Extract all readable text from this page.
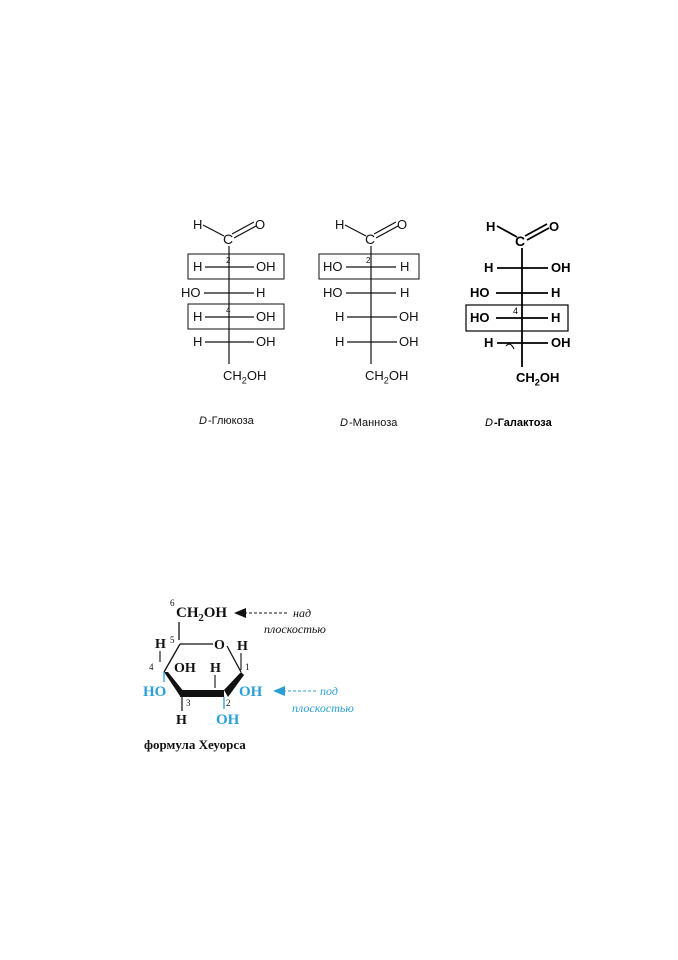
H
C
O
2
H	OH
HO	H
4
H	OH
H	OH
$CH_2OH$
D -Глюкоза
H
C
O
2
HO	H
HO	H
H	OH
H	OH
$CH_2OH$
D -Манноза
H
C
O
H	OH
HO	H
4
HO	H
H	OH
$CH_2OH$
D -Галактоза
6
$CH_2OH$	над
плоскостью
O
5
H	H
1
4 OH
HO
H
3
H
2
OH
OH	под
плоскостью
формула Хеуорса
